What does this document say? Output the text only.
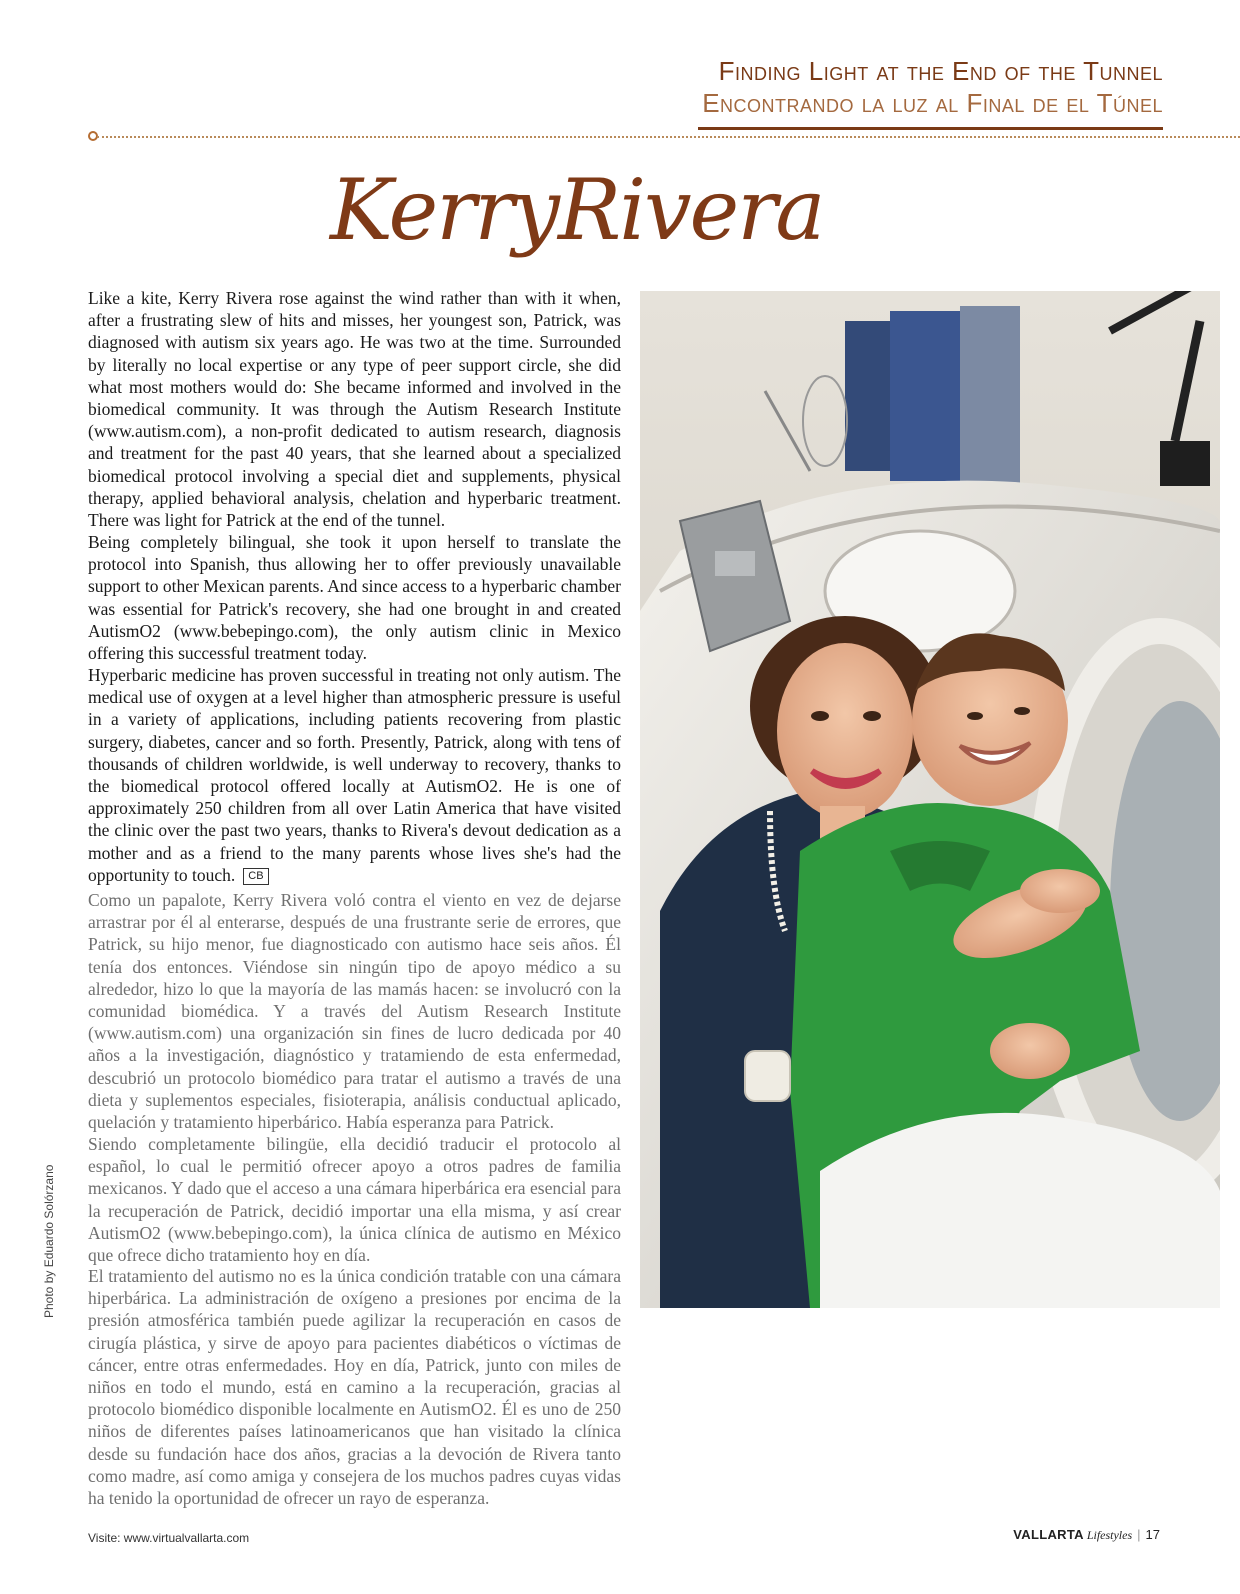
Finding Light at the End of the Tunnel
Encontrando la luz al Final de el Túnel
KerryRivera

Like a kite, Kerry Rivera rose against the wind rather than with it when, after a frustrating slew of hits and misses, her youngest son, Patrick, was diagnosed with autism six years ago. He was two at the time. Surrounded by literally no local expertise or any type of peer support circle, she did what most mothers would do: She became informed and involved in the biomedical community. It was through the Autism Research Institute (www.autism.com), a non-profit dedicated to autism research, diagnosis and treatment for the past 40 years, that she learned about a specialized biomedical protocol involving a special diet and supplements, physical therapy, applied behavioral analysis, chelation and hyperbaric treatment. There was light for Patrick at the end of the tunnel.

Being completely bilingual, she took it upon herself to translate the protocol into Spanish, thus allowing her to offer previously unavailable support to other Mexican parents. And since access to a hyperbaric chamber was essential for Patrick's recovery, she had one brought in and created AutismO2 (www.bebepingo.com), the only autism clinic in Mexico offering this successful treatment today.

Hyperbaric medicine has proven successful in treating not only autism. The medical use of oxygen at a level higher than atmospheric pressure is useful in a variety of applications, including patients recovering from plastic surgery, diabetes, cancer and so forth. Presently, Patrick, along with tens of thousands of children worldwide, is well underway to recovery, thanks to the biomedical protocol offered locally at AutismO2. He is one of approximately 250 children from all over Latin America that have visited the clinic over the past two years, thanks to Rivera's devout dedication as a mother and as a friend to the many parents whose lives she's had the opportunity to touch. CB

Como un papalote, Kerry Rivera voló contra el viento en vez de dejarse arrastrar por él al enterarse, después de una frustrante serie de errores, que Patrick, su hijo menor, fue diagnosticado con autismo hace seis años. Él tenía dos entonces. Viéndose sin ningún tipo de apoyo médico a su alrededor, hizo lo que la mayoría de las mamás hacen: se involucró con la comunidad biomédica. Y a través del Autism Research Institute (www.autism.com) una organización sin fines de lucro dedicada por 40 años a la investigación, diagnóstico y tratamiendo de esta enfermedad, descubrió un protocolo biomédico para tratar el autismo a través de una dieta y suplementos especiales, fisioterapia, análisis conductual aplicado, quelación y tratamiento hiperbárico. Había esperanza para Patrick.

Siendo completamente bilingüe, ella decidió traducir el protocolo al español, lo cual le permitió ofrecer apoyo a otros padres de familia mexicanos. Y dado que el acceso a una cámara hiperbárica era esencial para la recuperación de Patrick, decidió importar una ella misma, y así crear AutismO2 (www.bebepingo.com), la única clínica de autismo en México que ofrece dicho tratamiento hoy en día.

El tratamiento del autismo no es la única condición tratable con una cámara hiperbárica. La administración de oxígeno a presiones por encima de la presión atmosférica también puede agilizar la recuperación en casos de cirugía plástica, y sirve de apoyo para pacientes diabéticos o víctimas de cáncer, entre otras enfermedades. Hoy en día, Patrick, junto con miles de niños en todo el mundo, está en camino a la recuperación, gracias al protocolo biomédico disponible localmente en AutismO2. Él es uno de 250 niños de diferentes países latinoamericanos que han visitado la clínica desde su fundación hace dos años, gracias a la devoción de Rivera tanto como madre, así como amiga y consejera de los muchos padres cuyas vidas ha tenido la oportunidad de ofrecer un rayo de esperanza.

Photo by Eduardo Solórzano
Visite: www.virtualvallarta.com	VALLARTA Lifestyles | 17
